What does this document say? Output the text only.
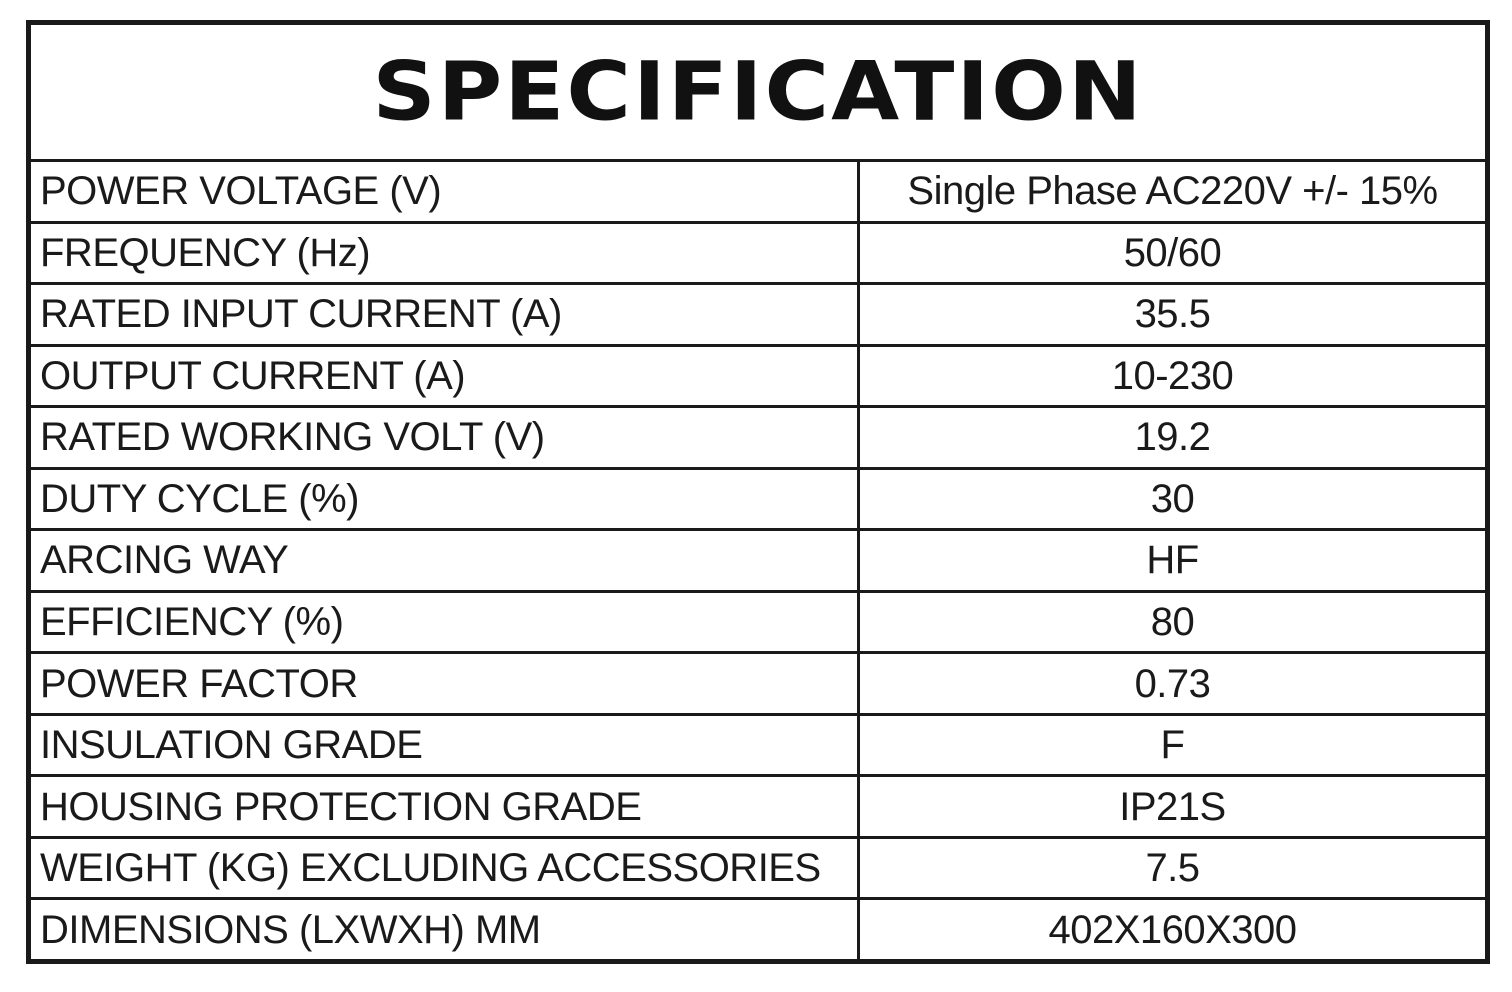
SPECIFICATION
POWER VOLTAGE (V)	Single Phase AC220V +/- 15%
FREQUENCY (Hz)	50/60
RATED INPUT CURRENT (A)	35.5
OUTPUT CURRENT (A)	10-230
RATED WORKING VOLT (V)	19.2
DUTY CYCLE (%)	30
ARCING WAY	HF
EFFICIENCY (%)	80
POWER FACTOR	0.73
INSULATION GRADE	F
HOUSING PROTECTION GRADE	IP21S
WEIGHT (KG) EXCLUDING ACCESSORIES	7.5
DIMENSIONS (LXWXH) MM	402X160X300
